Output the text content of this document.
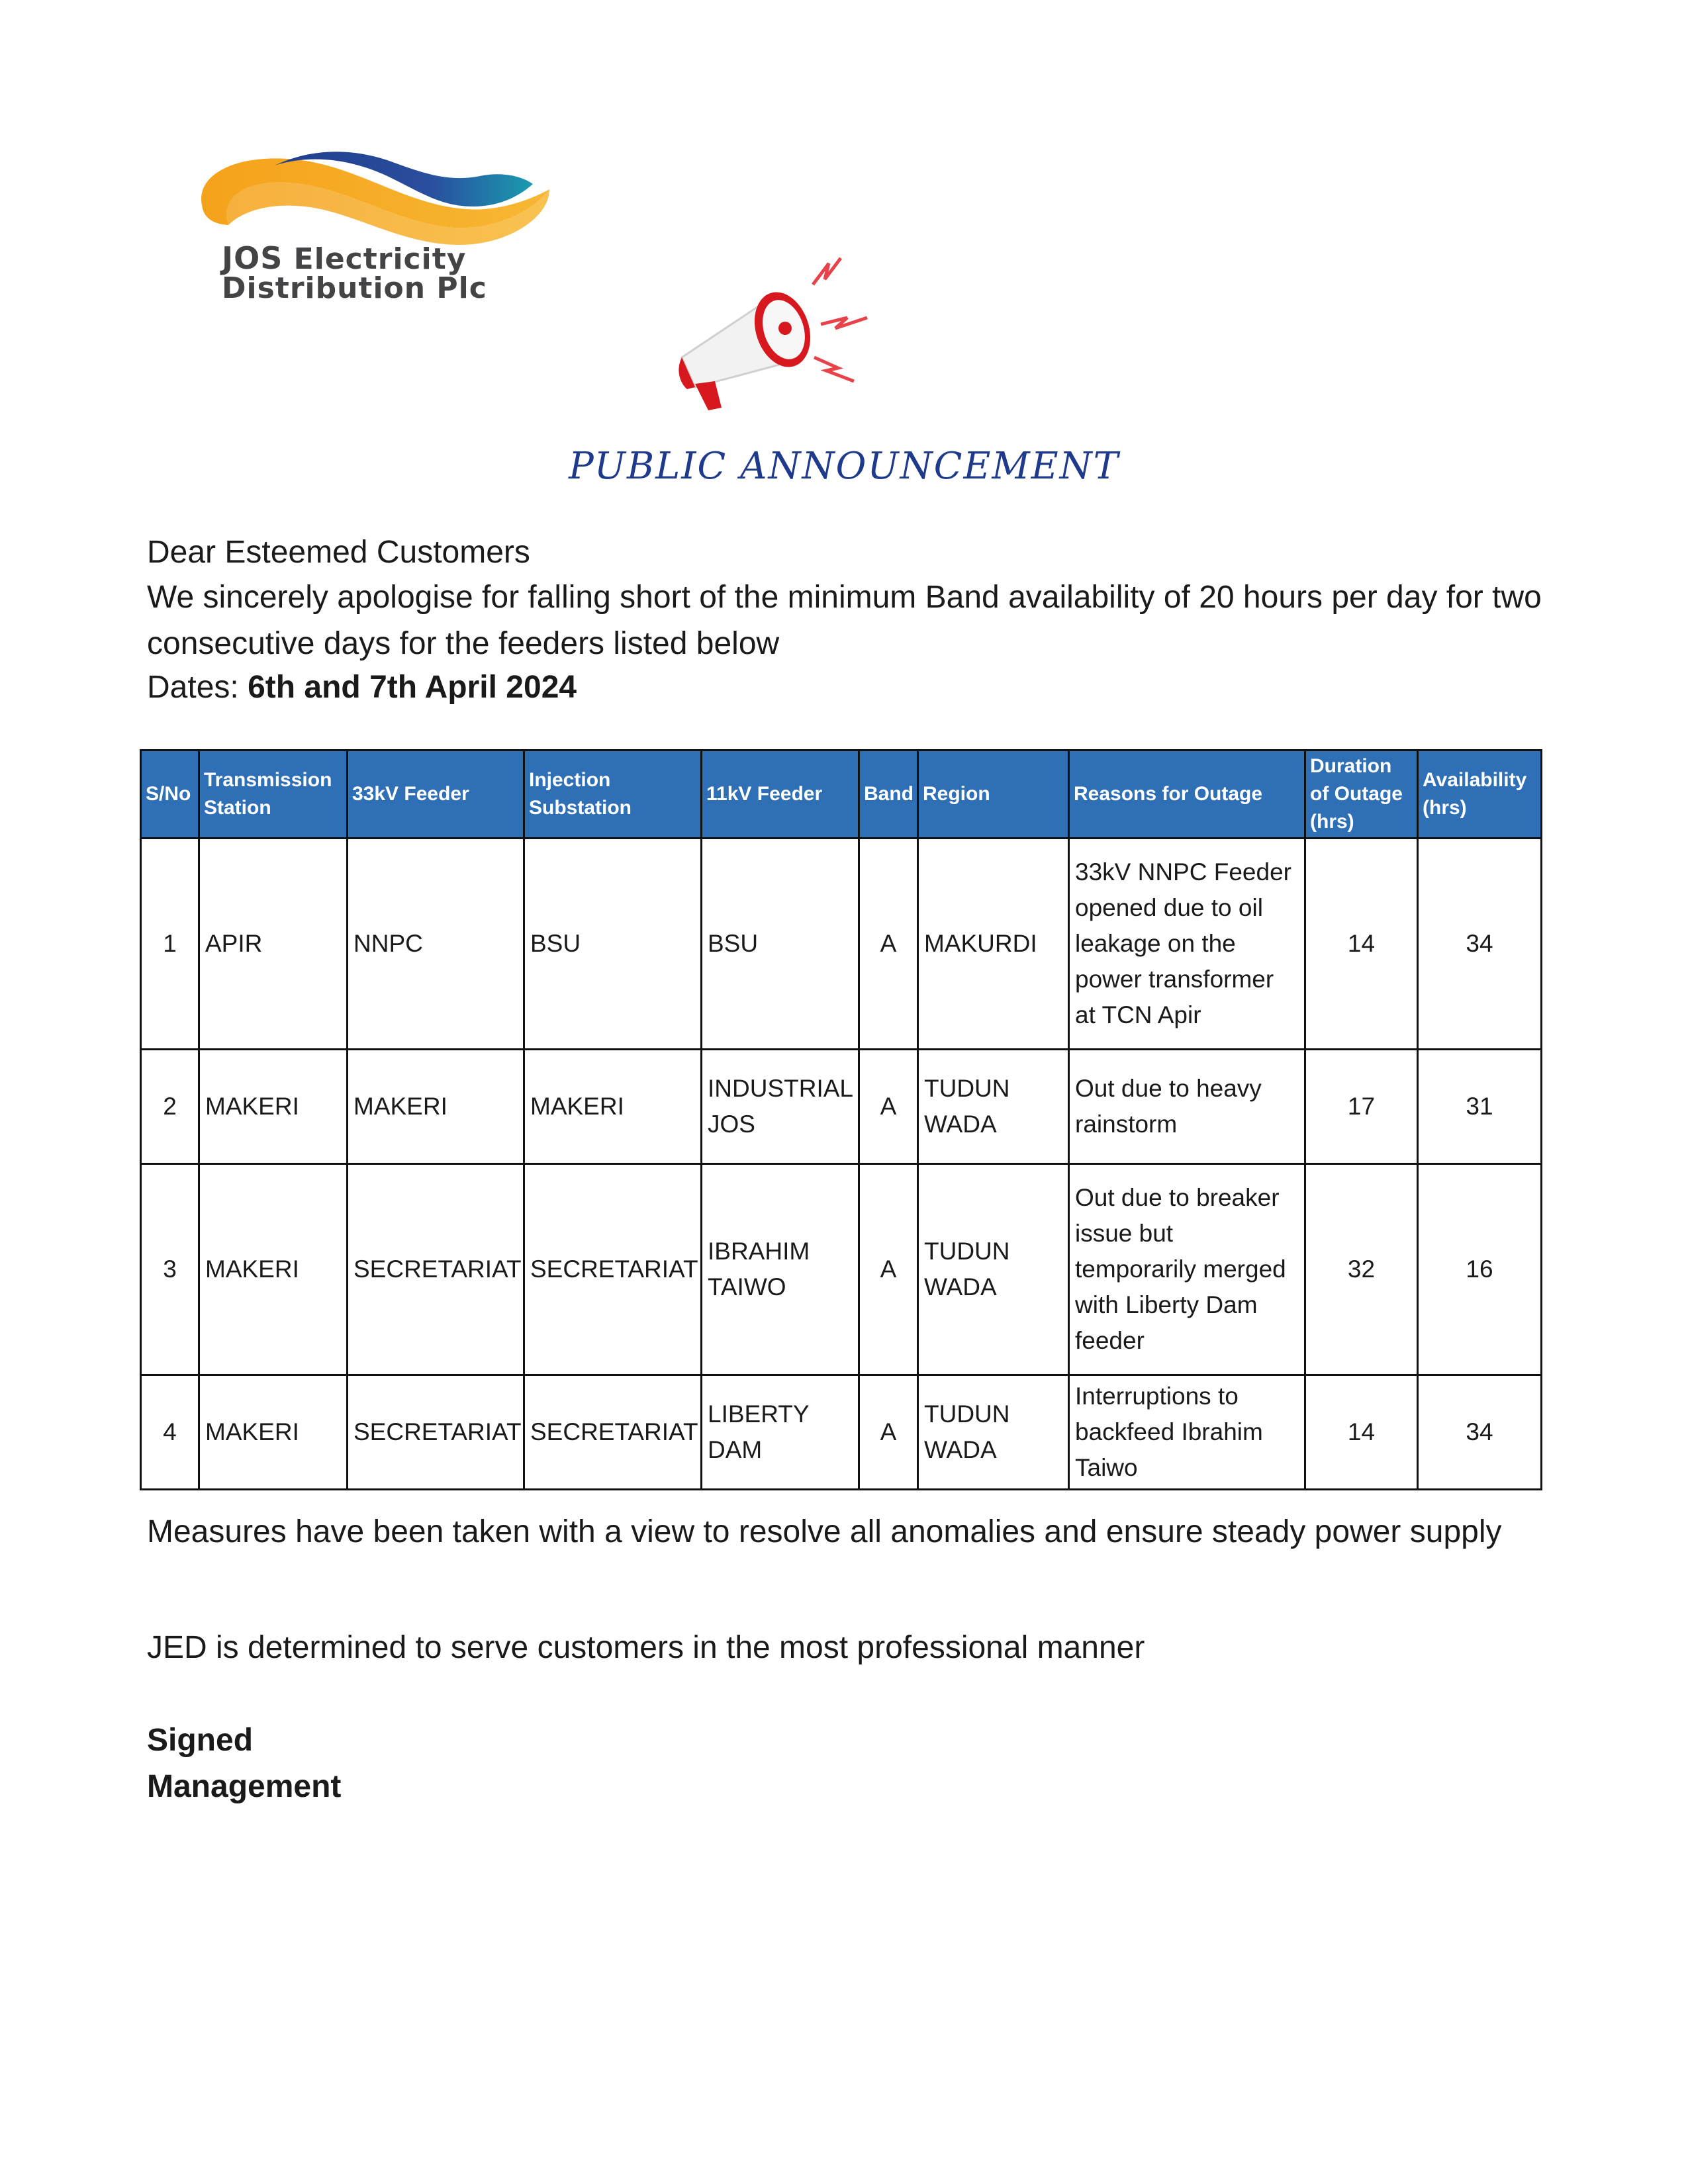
JOS Electricity
Distribution Plc
PUBLIC ANNOUNCEMENT
Dear Esteemed Customers
We sincerely apologise for falling short of the minimum Band availability of 20 hours per day for two consecutive days for the feeders listed below
Dates: 6th and 7th April 2024
S/No	Transmission Station	33kV Feeder	Injection Substation	11kV Feeder	Band	Region	Reasons for Outage	Duration of Outage (hrs)	Availability (hrs)
1	APIR	NNPC	BSU	BSU	A	MAKURDI	33kV NNPC Feeder opened due to oil leakage on the power transformer at TCN Apir	14	34
2	MAKERI	MAKERI	MAKERI	INDUSTRIAL JOS	A	TUDUN WADA	Out due to heavy rainstorm	17	31
3	MAKERI	SECRETARIAT	SECRETARIAT	IBRAHIM TAIWO	A	TUDUN WADA	Out due to breaker issue but temporarily merged with Liberty Dam feeder	32	16
4	MAKERI	SECRETARIAT	SECRETARIAT	LIBERTY DAM	A	TUDUN WADA	Interruptions to backfeed Ibrahim Taiwo	14	34
Measures have been taken with a view to resolve all anomalies and ensure steady power supply
JED is determined to serve customers in the most professional manner
Signed
Management
